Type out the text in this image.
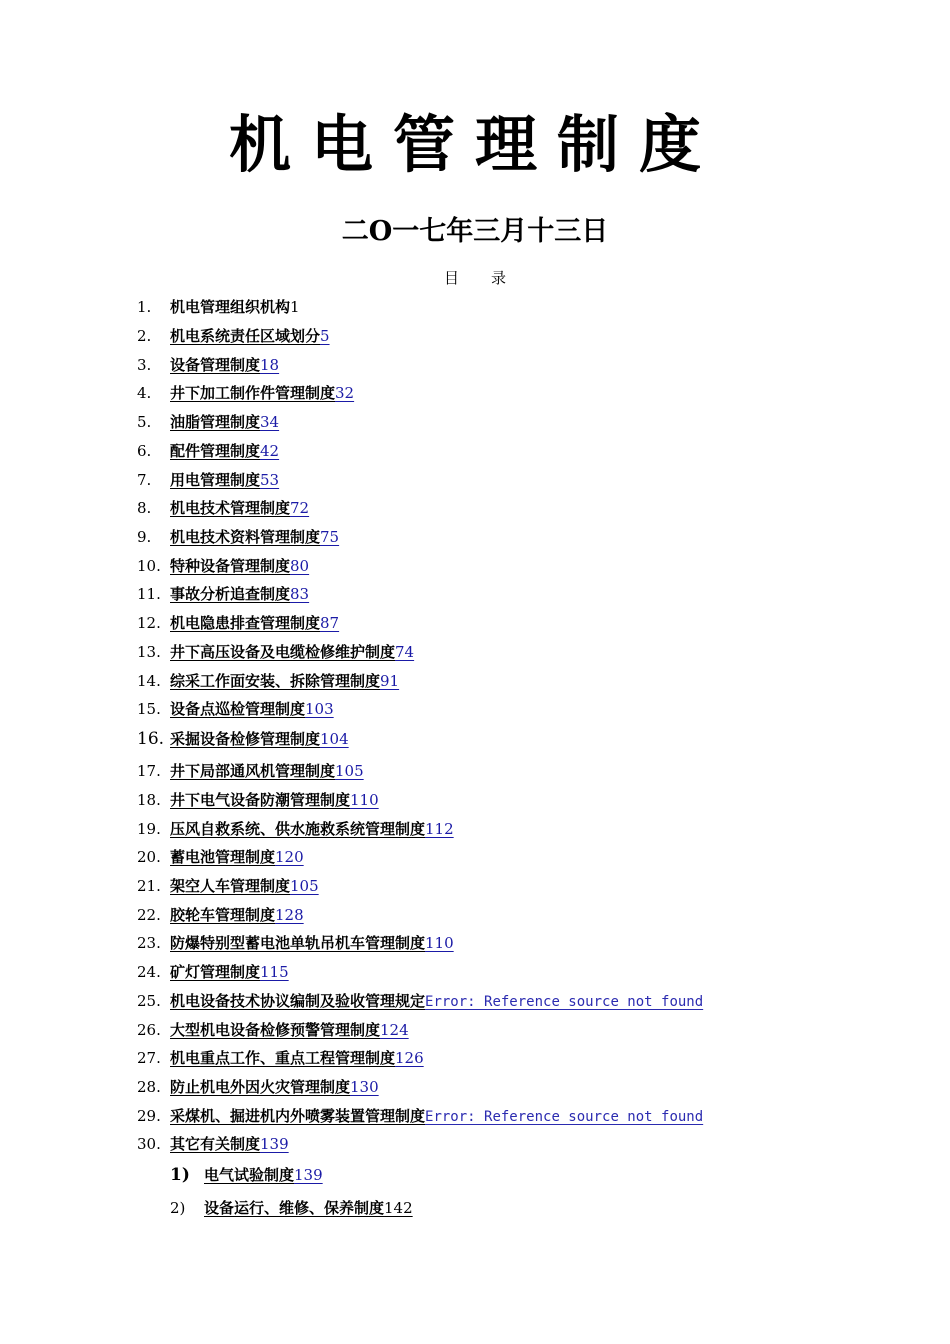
机电管理制度
二O一七年三月十三日
目 录
1.	机电管理组织机构1
2.	机电系统责任区域划分5
3.	设备管理制度18
4.	井下加工制作件管理制度32
5.	油脂管理制度34
6.	配件管理制度42
7.	用电管理制度53
8.	机电技术管理制度72
9.	机电技术资料管理制度75
10. 特种设备管理制度80
11. 事故分析追查制度83
12. 机电隐患排查管理制度87
13. 井下高压设备及电缆检修维护制度74
14. 综采工作面安装、拆除管理制度91
15. 设备点巡检管理制度103
16. 采掘设备检修管理制度104
17. 井下局部通风机管理制度105
18. 井下电气设备防潮管理制度110
19. 压风自救系统、供水施救系统管理制度112
20. 蓄电池管理制度120
21. 架空人车管理制度105
22. 胶轮车管理制度128
23. 防爆特别型蓄电池单轨吊机车管理制度110
24. 矿灯管理制度115
25. 机电设备技术协议编制及验收管理规定Error: Reference source not found
26. 大型机电设备检修预警管理制度124
27. 机电重点工作、重点工程管理制度126
28. 防止机电外因火灾管理制度130
29. 采煤机、掘进机内外喷雾装置管理制度Error: Reference source not found
30. 其它有关制度139
1) 电气试验制度139
2)	设备运行、维修、保养制度142
